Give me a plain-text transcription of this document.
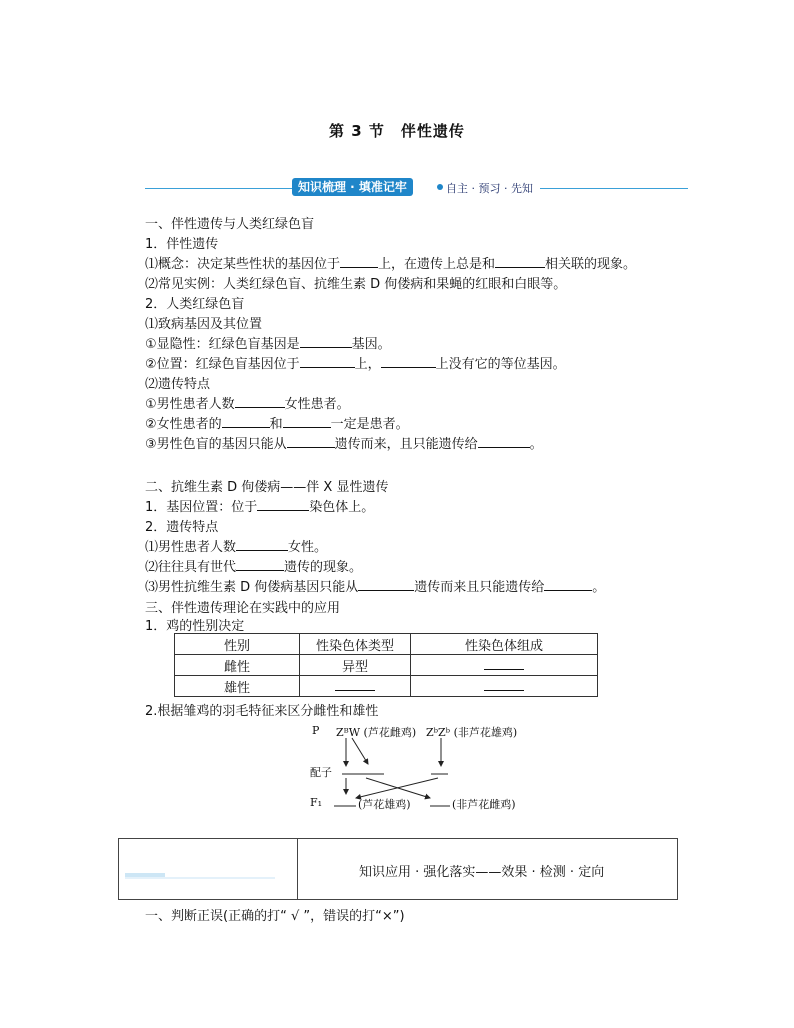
第 3 节　伴性遗传
知识梳理 · 填准记牢	自主 · 预习 · 先知
一、伴性遗传与人类红绿色盲
1．伴性遗传
⑴概念：决定某些性状的基因位于	上，在遗传上总是和	相关联的现象。
⑵常见实例：人类红绿色盲、抗维生素 D 佝偻病和果蝇的红眼和白眼等。
2．人类红绿色盲
⑴致病基因及其位置
①显隐性：红绿色盲基因是	基因。
②位置：红绿色盲基因位于	上，	上没有它的等位基因。
⑵遗传特点
①男性患者人数	女性患者。
②女性患者的	和	一定是患者。
③男性色盲的基因只能从	遗传而来，且只能遗传给	。
二、抗维生素 D 佝偻病——伴 X 显性遗传
1．基因位置：位于	染色体上。
2．遗传特点
⑴男性患者人数	女性。
⑵往往具有世代	遗传的现象。
⑶男性抗维生素 D 佝偻病基因只能从	遗传而来且只能遗传给	。
三、伴性遗传理论在实践中的应用
1．鸡的性别决定
性别	性染色体类型	性染色体组成
雌性	异型	
雄性		
2.根据雏鸡的羽毛特征来区分雌性和雄性
P ZᴮW (芦花雌鸡) ZᵇZᵇ (非芦花雄鸡)
配子
F₁	(芦花雄鸡)	(非芦花雌鸡)
知识应用 · 强化落实——效果 · 检测 · 定向
一、判断正误(正确的打“ √ ”，错误的打“×”)
